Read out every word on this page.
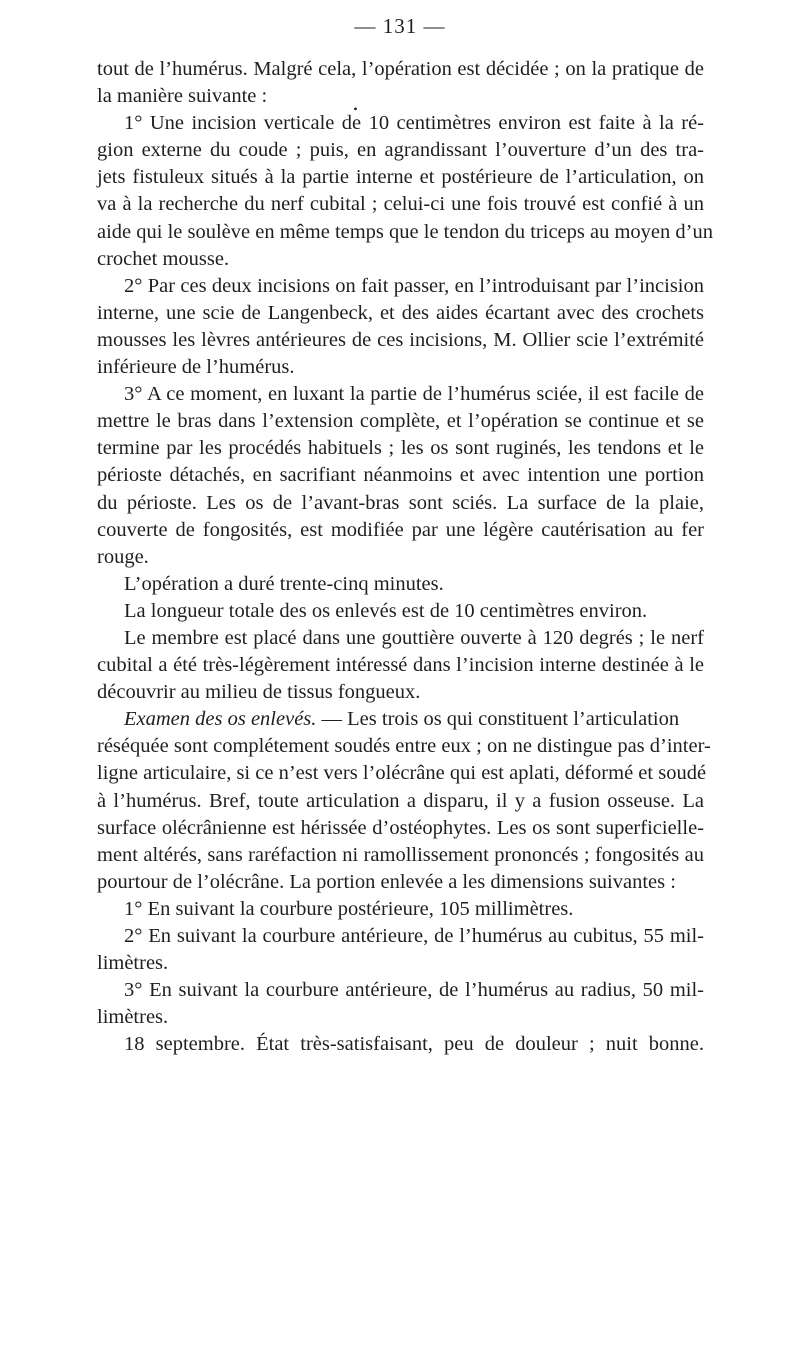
— 131 —
tout de l’humérus. Malgré cela, l’opération est décidée ; on la pratique de
la manière suivante :
•
1° Une incision verticale de 10 centimètres environ est faite à la ré-
gion externe du coude ; puis, en agrandissant l’ouverture d’un des tra-
jets fistuleux situés à la partie interne et postérieure de l’articulation, on
va à la recherche du nerf cubital ; celui-ci une fois trouvé est confié à un
aide qui le soulève en même temps que le tendon du triceps au moyen d’un
crochet mousse.
2° Par ces deux incisions on fait passer, en l’introduisant par l’incision
interne, une scie de Langenbeck, et des aides écartant avec des crochets
mousses les lèvres antérieures de ces incisions, M. Ollier scie l’extrémité
inférieure de l’humérus.
3° A ce moment, en luxant la partie de l’humérus sciée, il est facile de
mettre le bras dans l’extension complète, et l’opération se continue et se
termine par les procédés habituels ; les os sont ruginés, les tendons et le
périoste détachés, en sacrifiant néanmoins et avec intention une portion
du périoste. Les os de l’avant-bras sont sciés. La surface de la plaie,
couverte de fongosités, est modifiée par une légère cautérisation au fer
rouge.
L’opération a duré trente-cinq minutes.
La longueur totale des os enlevés est de 10 centimètres environ.
Le membre est placé dans une gouttière ouverte à 120 degrés ; le nerf
cubital a été très-légèrement intéressé dans l’incision interne destinée à le
découvrir au milieu de tissus fongueux.
Examen des os enlevés. — Les trois os qui constituent l’articulation
réséquée sont complétement soudés entre eux ; on ne distingue pas d’inter-
ligne articulaire, si ce n’est vers l’olécrâne qui est aplati, déformé et soudé
à l’humérus. Bref, toute articulation a disparu, il y a fusion osseuse. La
surface olécrânienne est hérissée d’ostéophytes. Les os sont superficielle-
ment altérés, sans raréfaction ni ramollissement prononcés ; fongosités au
pourtour de l’olécrâne. La portion enlevée a les dimensions suivantes :
1° En suivant la courbure postérieure, 105 millimètres.
2° En suivant la courbure antérieure, de l’humérus au cubitus, 55 mil-
limètres.
3° En suivant la courbure antérieure, de l’humérus au radius, 50 mil-
limètres.
18 septembre. État très-satisfaisant, peu de douleur ; nuit bonne.
